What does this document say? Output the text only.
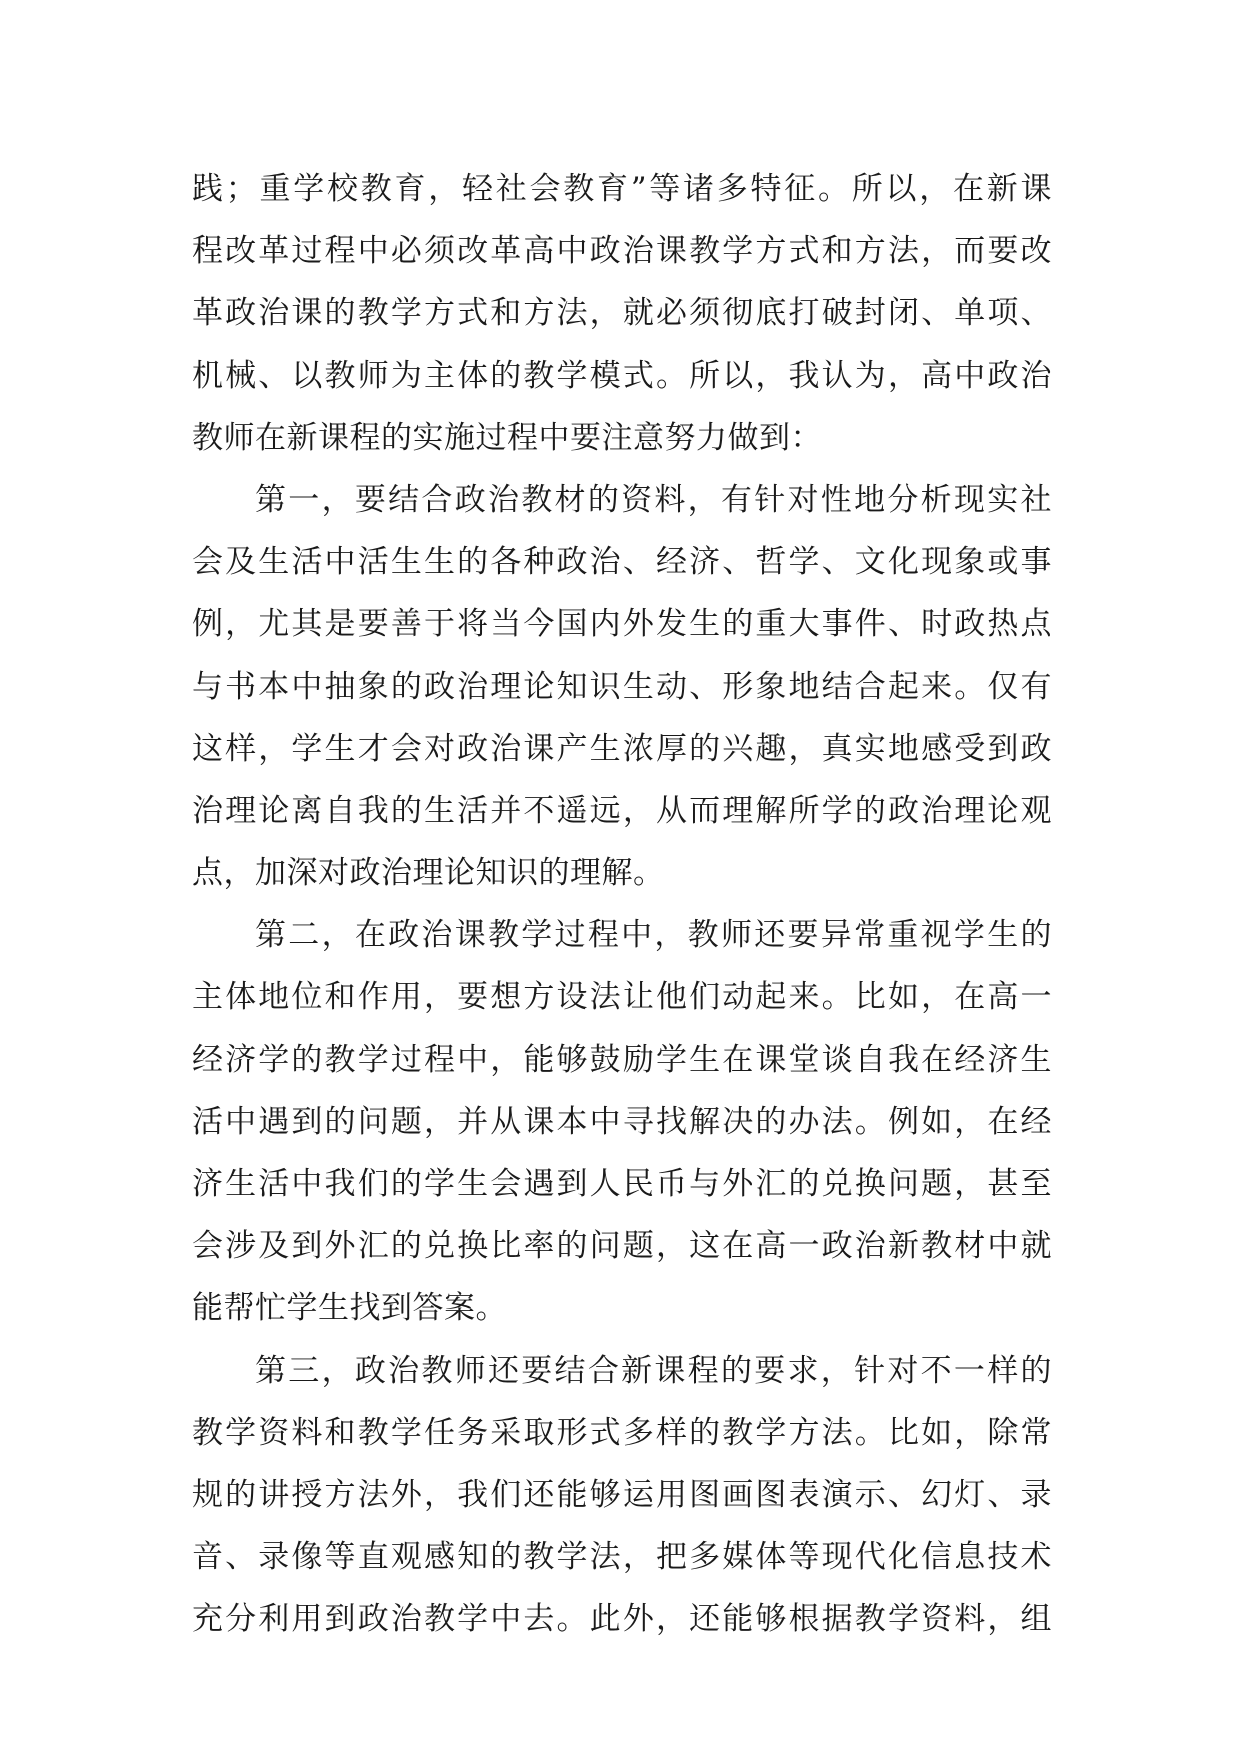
践；重学校教育，轻社会教育”等诸多特征。所以，在新课
程改革过程中必须改革高中政治课教学方式和方法，而要改
革政治课的教学方式和方法，就必须彻底打破封闭、单项、
机械、以教师为主体的教学模式。所以，我认为，高中政治
教师在新课程的实施过程中要注意努力做到：
第一，要结合政治教材的资料，有针对性地分析现实社
会及生活中活生生的各种政治、经济、哲学、文化现象或事
例，尤其是要善于将当今国内外发生的重大事件、时政热点
与书本中抽象的政治理论知识生动、形象地结合起来。仅有
这样，学生才会对政治课产生浓厚的兴趣，真实地感受到政
治理论离自我的生活并不遥远，从而理解所学的政治理论观
点，加深对政治理论知识的理解。
第二，在政治课教学过程中，教师还要异常重视学生的
主体地位和作用，要想方设法让他们动起来。比如，在高一
经济学的教学过程中，能够鼓励学生在课堂谈自我在经济生
活中遇到的问题，并从课本中寻找解决的办法。例如，在经
济生活中我们的学生会遇到人民币与外汇的兑换问题，甚至
会涉及到外汇的兑换比率的问题，这在高一政治新教材中就
能帮忙学生找到答案。
第三，政治教师还要结合新课程的要求，针对不一样的
教学资料和教学任务采取形式多样的教学方法。比如，除常
规的讲授方法外，我们还能够运用图画图表演示、幻灯、录
音、录像等直观感知的教学法，把多媒体等现代化信息技术
充分利用到政治教学中去。此外，还能够根据教学资料，组
